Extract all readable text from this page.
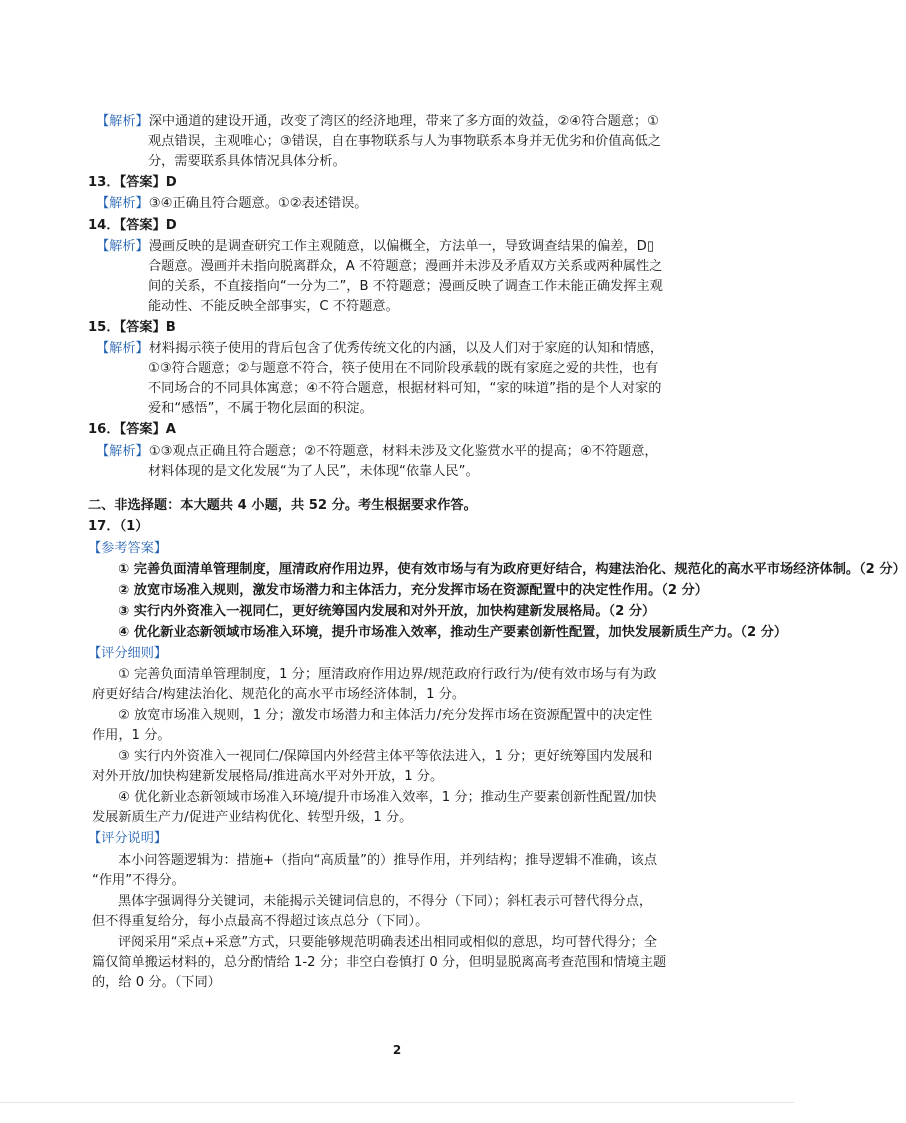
【解析】深中通道的建设开通，改变了湾区的经济地理，带来了多方面的效益，②④符合题意；①
观点错误，主观唯心；③错误，自在事物联系与人为事物联系本身并无优劣和价值高低之
分，需要联系具体情况具体分析。
13．【答案】D
【解析】③④正确且符合题意。①②表述错误。
14．【答案】D
【解析】漫画反映的是调查研究工作主观随意，以偏概全，方法单一，导致调查结果的偏差，D▯
合题意。漫画并未指向脱离群众，A 不符题意；漫画并未涉及矛盾双方关系或两种属性之
间的关系，不直接指向“一分为二”，B 不符题意；漫画反映了调查工作未能正确发挥主观
能动性、不能反映全部事实，C 不符题意。
15．【答案】B
【解析】材料揭示筷子使用的背后包含了优秀传统文化的内涵，以及人们对于家庭的认知和情感，
①③符合题意；②与题意不符合，筷子使用在不同阶段承载的既有家庭之爱的共性，也有
不同场合的不同具体寓意；④不符合题意，根据材料可知，“家的味道”指的是个人对家的
爱和“感悟”，不属于物化层面的积淀。
16．【答案】A
【解析】①③观点正确且符合题意；②不符题意，材料未涉及文化鉴赏水平的提高；④不符题意，
材料体现的是文化发展“为了人民”，未体现“依靠人民”。
二、非选择题：本大题共 4 小题，共 52 分。考生根据要求作答。
17．（1）
【参考答案】
① 完善负面清单管理制度，厘清政府作用边界，使有效市场与有为政府更好结合，构建法治化、规范化的高水平市场经济体制。（2 分）
② 放宽市场准入规则，激发市场潜力和主体活力，充分发挥市场在资源配置中的决定性作用。（2 分）
③ 实行内外资准入一视同仁，更好统筹国内发展和对外开放，加快构建新发展格局。（2 分）
④ 优化新业态新领域市场准入环境，提升市场准入效率，推动生产要素创新性配置，加快发展新质生产力。（2 分）
【评分细则】
① 完善负面清单管理制度，1 分；厘清政府作用边界/规范政府行政行为/使有效市场与有为政
府更好结合/构建法治化、规范化的高水平市场经济体制，1 分。
② 放宽市场准入规则，1 分；激发市场潜力和主体活力/充分发挥市场在资源配置中的决定性
作用，1 分。
③ 实行内外资准入一视同仁/保障国内外经营主体平等依法进入，1 分；更好统筹国内发展和
对外开放/加快构建新发展格局/推进高水平对外开放，1 分。
④ 优化新业态新领域市场准入环境/提升市场准入效率，1 分；推动生产要素创新性配置/加快
发展新质生产力/促进产业结构优化、转型升级，1 分。
【评分说明】
本小问答题逻辑为：措施+（指向“高质量”的）推导作用，并列结构；推导逻辑不准确，该点
“作用”不得分。
黑体字强调得分关键词，未能揭示关键词信息的，不得分（下同）；斜杠表示可替代得分点，
但不得重复给分，每小点最高不得超过该点总分（下同）。
评阅采用“采点+采意”方式，只要能够规范明确表述出相同或相似的意思，均可替代得分；全
篇仅简单搬运材料的，总分酌情给 1-2 分；非空白卷慎打 0 分，但明显脱离高考查范围和情境主题
的，给 0 分。（下同）
2
